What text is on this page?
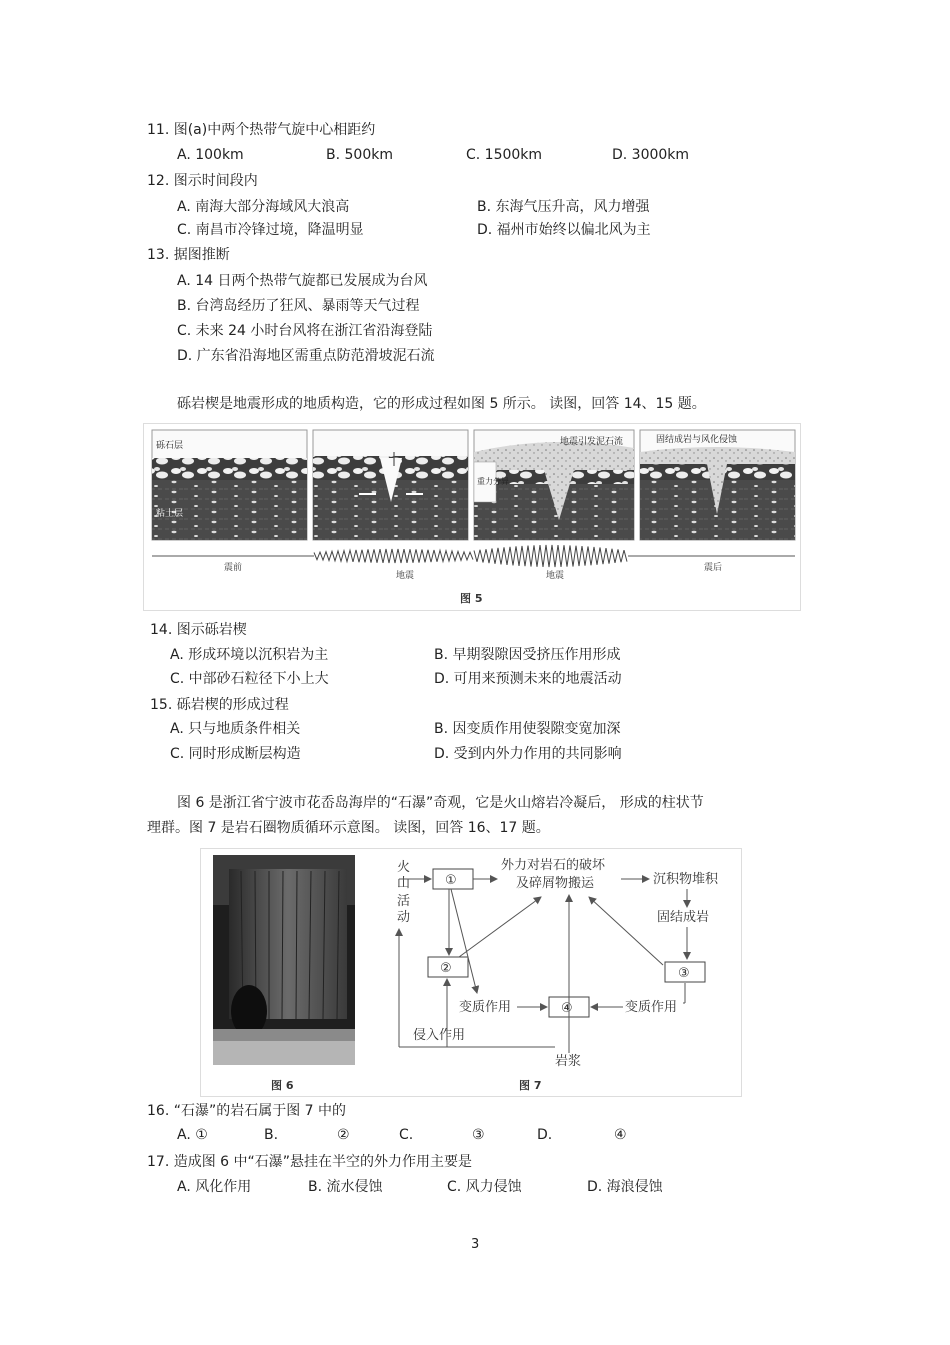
11. 图(a)中两个热带气旋中心相距约
A. 100km	B. 500km	C. 1500km	D. 3000km
12. 图示时间段内
A. 南海大部分海域风大浪高	B. 东海气压升高，风力增强
C. 南昌市冷锋过境，降温明显	D. 福州市始终以偏北风为主
13. 据图推断
A. 14 日两个热带气旋都已发展成为台风
B. 台湾岛经历了狂风、暴雨等天气过程
C. 未来 24 小时台风将在浙江省沿海登陆
D. 广东省沿海地区需重点防范滑坡泥石流
砾岩楔是地震形成的地质构造，它的形成过程如图 5 所示。 读图，回答 14、15 题。
砾石层
粘土层
地震引发泥石流
重力分异
固结成岩与风化侵蚀
震前
地震	地震
震后
图 5
14. 图示砾岩楔
A. 形成环境以沉积岩为主	B. 早期裂隙因受挤压作用形成
C. 中部砂石粒径下小上大	D. 可用来预测未来的地震活动
15. 砾岩楔的形成过程
A. 只与地质条件相关	B. 因变质作用使裂隙变宽加深
C. 同时形成断层构造	D. 受到内外力作用的共同影响
图 6 是浙江省宁波市花岙岛海岸的“石瀑”奇观，它是火山熔岩冷凝后， 形成的柱状节
理群。图 7 是岩石圈物质循环示意图。 读图，回答 16、17 题。
图 6
火
山
活
动
①
外力对岩石的破坏
及碎屑物搬运	沉积物堆积
固结成岩
②	③
④
变质作用	变质作用
侵入作用
岩浆
图 7
16. “石瀑”的岩石属于图 7 中的
A. ①	B.	②	C.	③	D.	④
17. 造成图 6 中“石瀑”悬挂在半空的外力作用主要是
A. 风化作用	B. 流水侵蚀	C. 风力侵蚀	D. 海浪侵蚀
3
